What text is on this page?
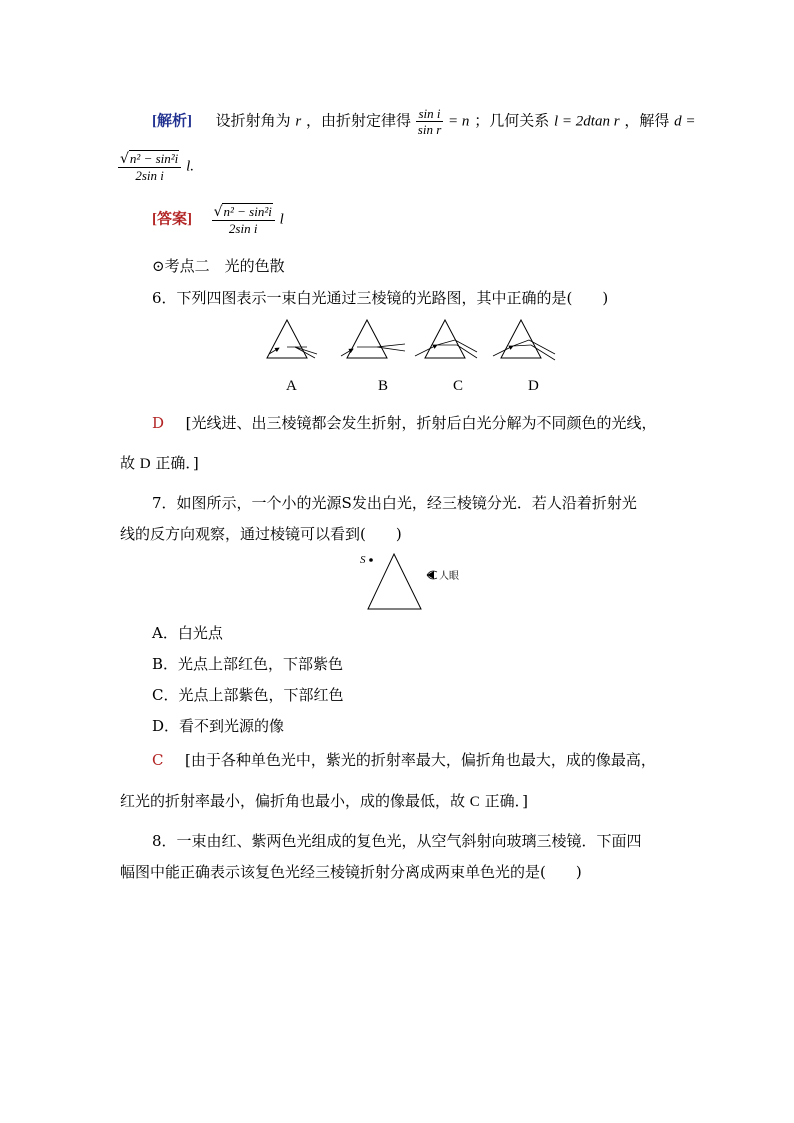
[解析] 设折射角为 r ，由折射定律得 $\frac{\text{sin i}}{\text{sin r}} = n$ ；几何关系 l = 2dtan r ，解得 d =
$\frac{\text{√n² − sin²i}}{\text{2sin i}} l$.
[答案] $\frac{\text{√n² − sin²i}}{\text{2sin i}}$ l
⊙考点二　光的色散
6．下列四图表示一束白光通过三棱镜的光路图，其中正确的是(　　)
A	B	C	D
D [光线进、出三棱镜都会发生折射，折射后白光分解为不同颜色的光线，
故 D 正确．]
7．如图所示，一个小的光源S发出白光，经三棱镜分光．若人沿着折射光
线的反方向观察，通过棱镜可以看到(　　)
S
人眼
A．白光点
B．光点上部红色，下部紫色
C．光点上部紫色，下部红色
D．看不到光源的像
C [由于各种单色光中，紫光的折射率最大，偏折角也最大，成的像最高，
红光的折射率最小，偏折角也最小，成的像最低，故 C 正确．]
8．一束由红、紫两色光组成的复色光，从空气斜射向玻璃三棱镜．下面四
幅图中能正确表示该复色光经三棱镜折射分离成两束单色光的是(　　)
